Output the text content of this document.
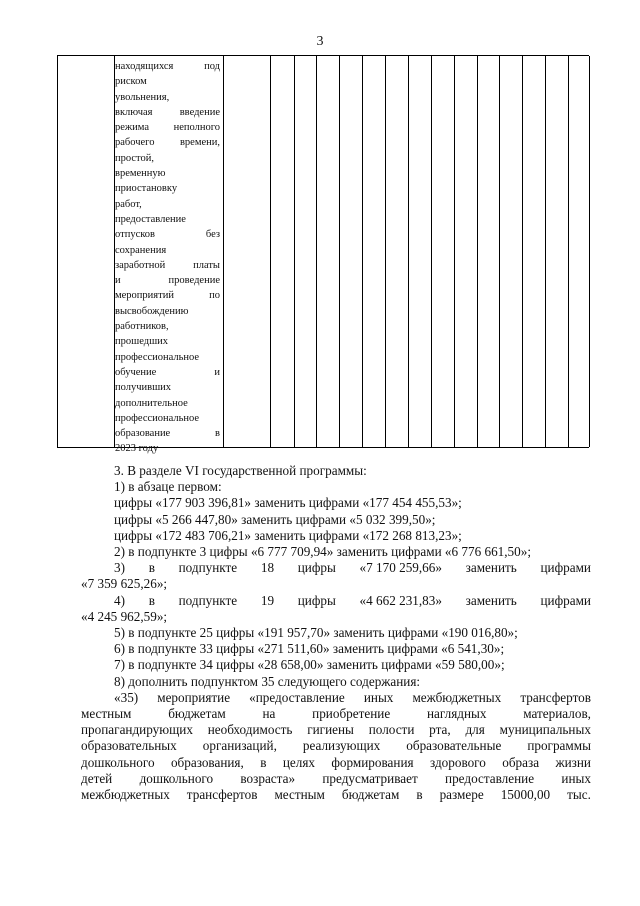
3
находящихся	под
риском
увольнения,
включая	введение
режима неполного
рабочего времени,
простой,
временную
приостановку
работ,
предоставление
отпусков	без
сохранения
заработной	платы
и	проведение
мероприятий	по
высвобождению
работников,
прошедших
профессиональное
обучение	и
получивших
дополнительное
профессиональное
образование	в
2023 году
3. В разделе VI государственной программы:
1) в абзаце первом:
цифры «177 903 396,81» заменить цифрами «177 454 455,53»;
цифры «5 266 447,80» заменить цифрами «5 032 399,50»;
цифры «172 483 706,21» заменить цифрами «172 268 813,23»;
2) в подпункте 3 цифры «6 777 709,94» заменить цифрами «6 776 661,50»;
3) в подпункте 18 цифры «7 170 259,66» заменить цифрами
«7 359 625,26»;
4) в подпункте 19 цифры «4 662 231,83» заменить цифрами
«4 245 962,59»;
5) в подпункте 25 цифры «191 957,70» заменить цифрами «190 016,80»;
6) в подпункте 33 цифры «271 511,60» заменить цифрами «6 541,30»;
7) в подпункте 34 цифры «28 658,00» заменить цифрами «59 580,00»;
8) дополнить подпунктом 35 следующего содержания:
«35) мероприятие «предоставление иных межбюджетных трансфертов
местным	бюджетам	на	приобретение	наглядных	материалов,
пропагандирующих необходимость гигиены полости рта, для муниципальных
образовательных организаций, реализующих образовательные программы
дошкольного образования, в целях формирования здорового образа жизни
детей дошкольного возраста» предусматривает предоставление иных
межбюджетных трансфертов местным бюджетам в размере 15000,00 тыс.
